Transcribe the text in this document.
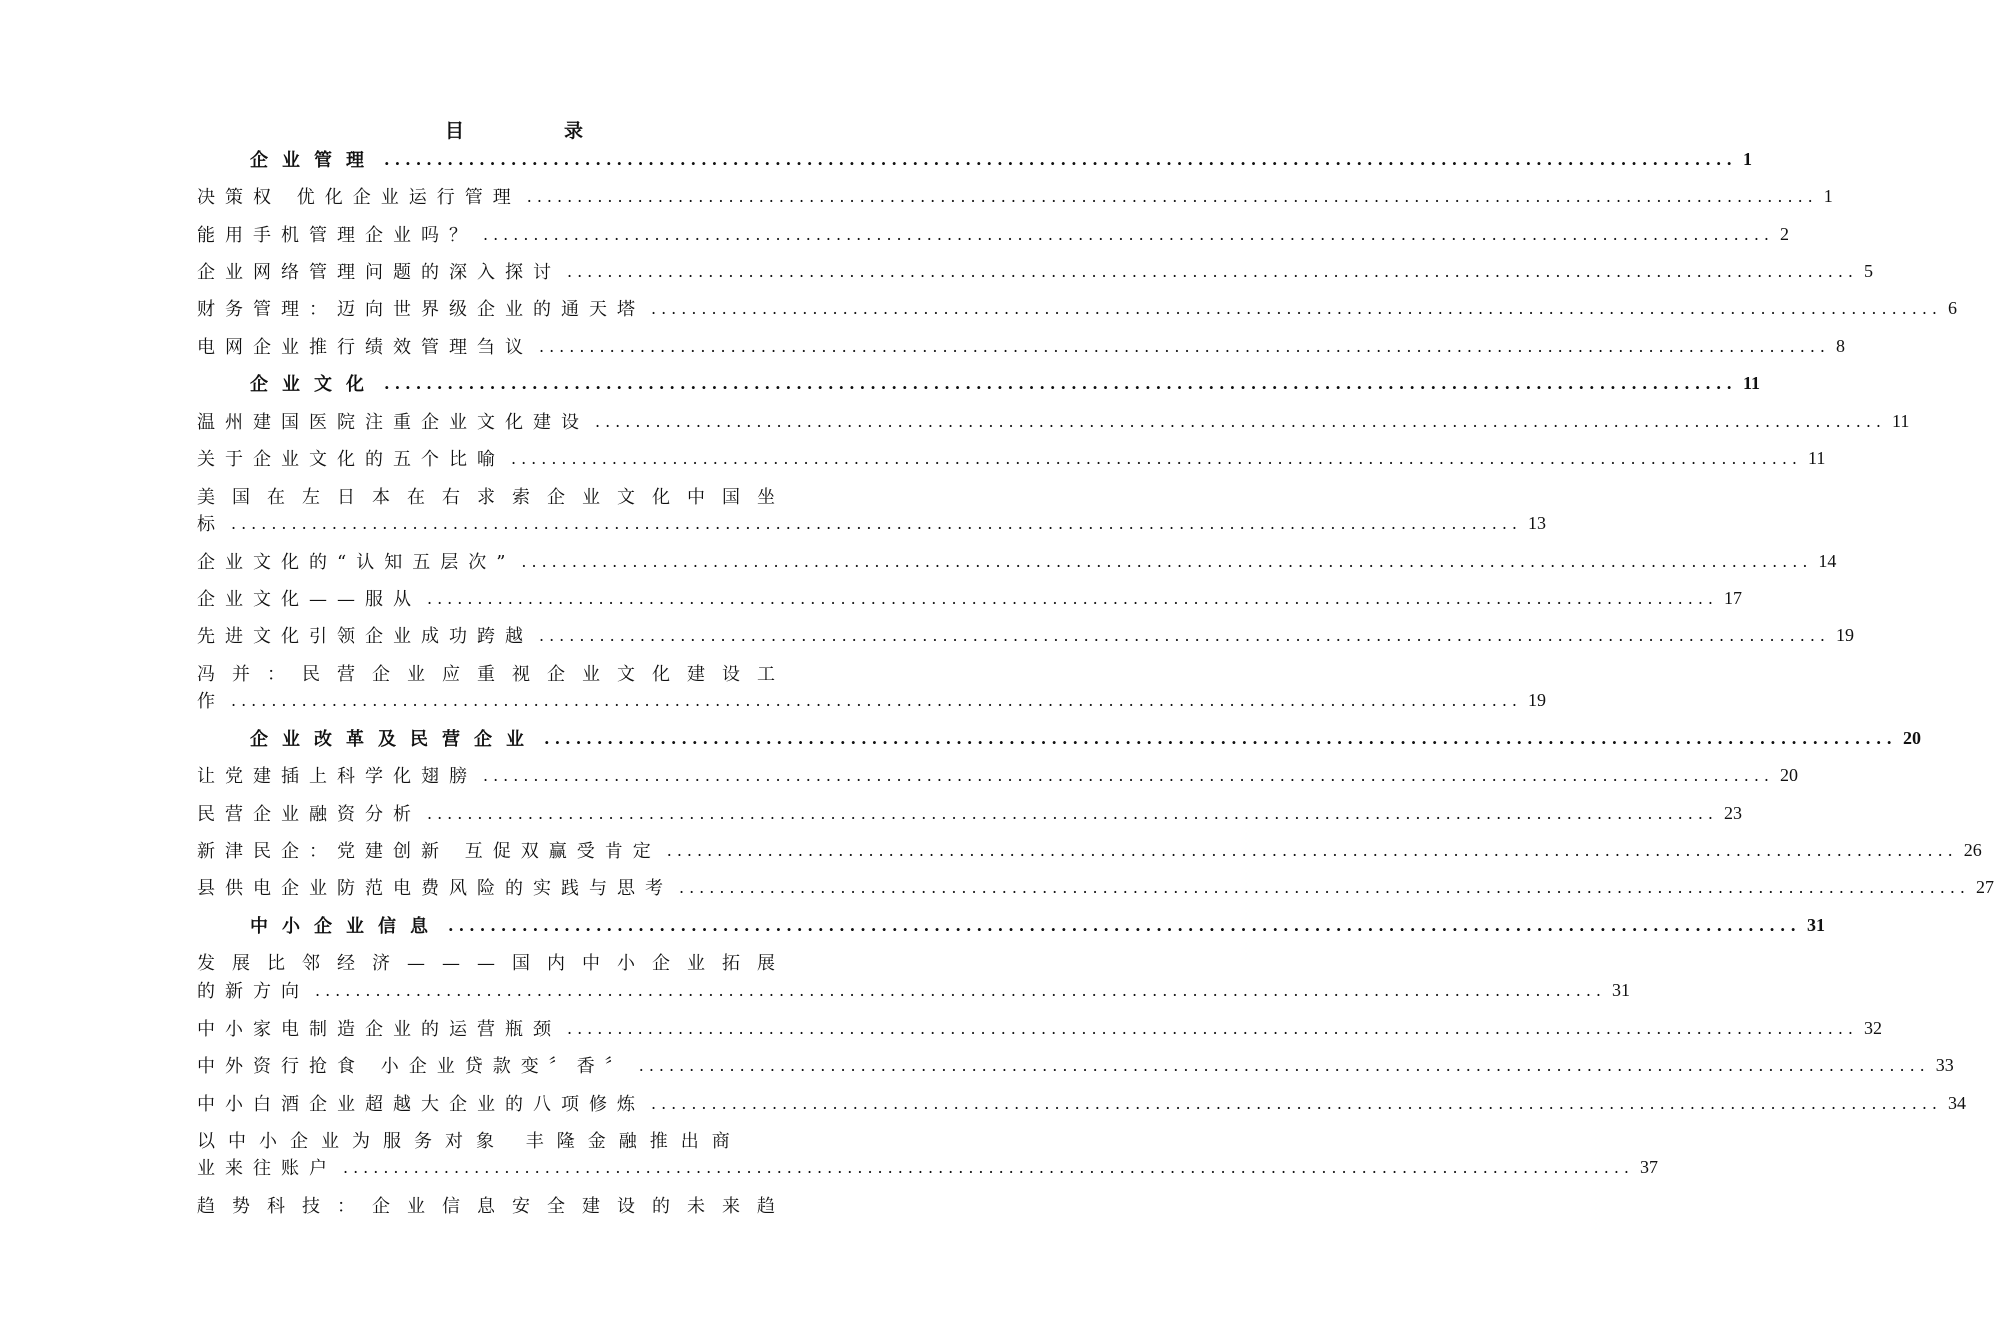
目	录
企业管理 ................................................................................................................................ 1
决策权 优化企业运行管理 ................................................................................................................................ 1
能用手机管理企业吗？ ................................................................................................................................ 2
企业网络管理问题的深入探讨 ................................................................................................................................ 5
财务管理：迈向世界级企业的通天塔 ................................................................................................................................ 6
电网企业推行绩效管理刍议 ................................................................................................................................ 8
企业文化 ................................................................................................................................ 11
温州建国医院注重企业文化建设 ................................................................................................................................ 11
关于企业文化的五个比喻 ................................................................................................................................ 11
美国在左日本在右求索企业文化中国坐
标 ................................................................................................................................ 13
企业文化的“认知五层次” ................................................................................................................................ 14
企业文化——服从 ................................................................................................................................ 17
先进文化引领企业成功跨越 ................................................................................................................................ 19
冯并：民营企业应重视企业文化建设工
作 ................................................................................................................................ 19
企业改革及民营企业 ................................................................................................................................ 20
让党建插上科学化翅膀 ................................................................................................................................ 20
民营企业融资分析 ................................................................................................................................ 23
新津民企：党建创新 互促双赢受肯定 ................................................................................................................................ 26
县供电企业防范电费风险的实践与思考 ................................................................................................................................ 27
中小企业信息 ................................................................................................................................ 31
发展比邻经济———国内中小企业拓展
的新方向 ................................................................................................................................ 31
中小家电制造企业的运营瓶颈 ................................................................................................................................ 32
中外资行抢食 小企业贷款变〞香〞 ................................................................................................................................ 33
中小白酒企业超越大企业的八项修炼 ................................................................................................................................ 34
以中小企业为服务对象 丰隆金融推出商
业来往账户 ................................................................................................................................ 37
趋势科技：企业信息安全建设的未来趋
